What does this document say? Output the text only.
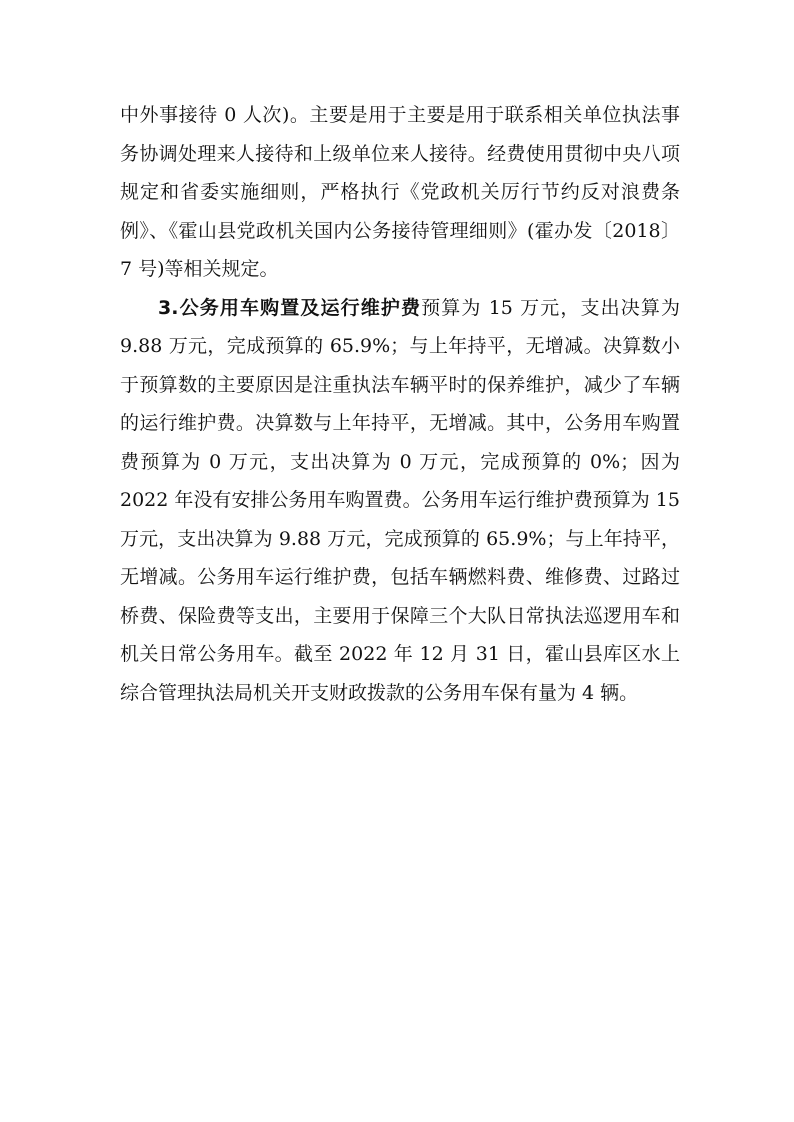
中外事接待 0 人次)。主要是用于主要是用于联系相关单位执法事务协调处理来人接待和上级单位来人接待。经费使用贯彻中央八项规定和省委实施细则，严格执行《党政机关厉行节约反对浪费条例》、《霍山县党政机关国内公务接待管理细则》(霍办发〔2018〕7 号)等相关规定。

3.公务用车购置及运行维护费预算为 15 万元，支出决算为 9.88 万元，完成预算的 65.9%；与上年持平，无增减。决算数小于预算数的主要原因是注重执法车辆平时的保养维护，减少了车辆的运行维护费。决算数与上年持平，无增减。其中，公务用车购置费预算为 0 万元，支出决算为 0 万元，完成预算的 0%；因为 2022 年没有安排公务用车购置费。公务用车运行维护费预算为 15 万元，支出决算为 9.88 万元，完成预算的 65.9%；与上年持平，无增减。公务用车运行维护费，包括车辆燃料费、维修费、过路过桥费、保险费等支出，主要用于保障三个大队日常执法巡逻用车和机关日常公务用车。截至 2022 年 12 月 31 日，霍山县库区水上综合管理执法局机关开支财政拨款的公务用车保有量为 4 辆。
